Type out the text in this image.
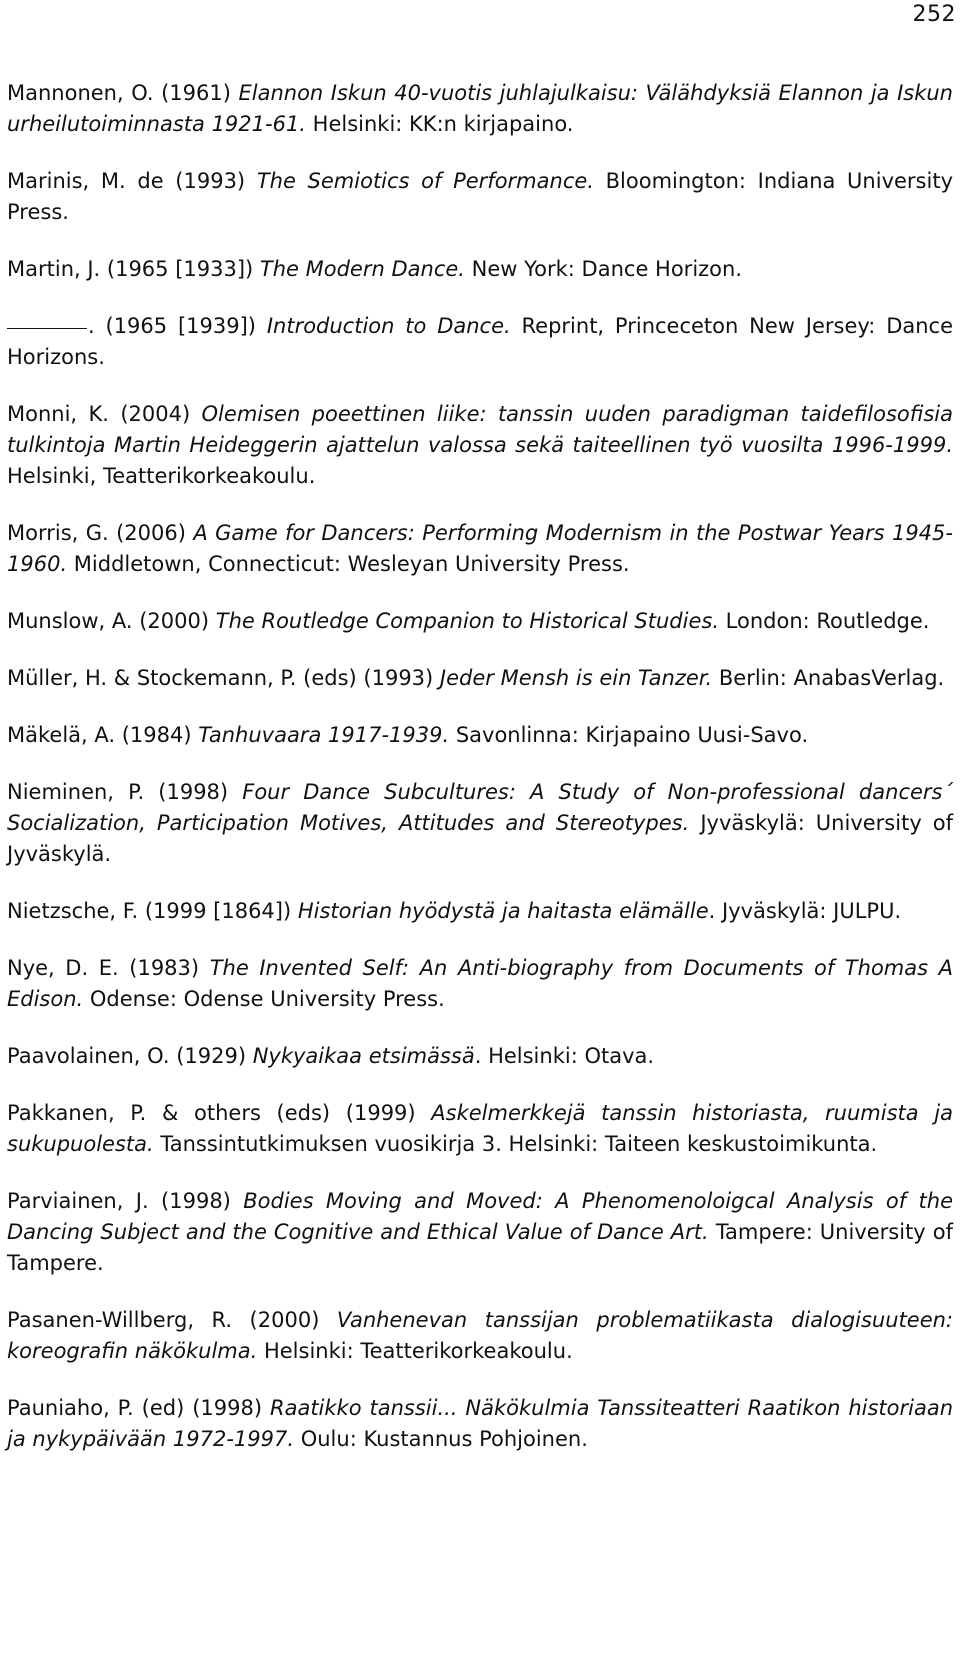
252

Mannonen, O. (1961) Elannon Iskun 40-vuotis juhlajulkaisu: Välähdyksiä Elannon ja Iskun urheilutoiminnasta 1921-61. Helsinki: KK:n kirjapaino.

Marinis, M. de (1993) The Semiotics of Performance. Bloomington: Indiana University Press.

Martin, J. (1965 [1933]) The Modern Dance. New York: Dance Horizon.

. (1965 [1939]) Introduction to Dance. Reprint, Princeceton New Jersey: Dance Horizons.

Monni, K. (2004) Olemisen poeettinen liike: tanssin uuden paradigman taidefilosofisia tulkintoja Martin Heideggerin ajattelun valossa sekä taiteellinen työ vuosilta 1996-1999. Helsinki, Teatterikorkeakoulu.

Morris, G. (2006) A Game for Dancers: Performing Modernism in the Postwar Years 1945-1960. Middletown, Connecticut: Wesleyan University Press.

Munslow, A. (2000) The Routledge Companion to Historical Studies. London: Routledge.

Müller, H. & Stockemann, P. (eds) (1993) Jeder Mensh is ein Tanzer. Berlin: AnabasVerlag.

Mäkelä, A. (1984) Tanhuvaara 1917-1939. Savonlinna: Kirjapaino Uusi-Savo.

Nieminen, P. (1998) Four Dance Subcultures: A Study of Non-professional dancers´ Socialization, Participation Motives, Attitudes and Stereotypes. Jyväskylä: University of Jyväskylä.

Nietzsche, F. (1999 [1864]) Historian hyödystä ja haitasta elämälle. Jyväskylä: JULPU.

Nye, D. E. (1983) The Invented Self: An Anti-biography from Documents of Thomas A Edison. Odense: Odense University Press.

Paavolainen, O. (1929) Nykyaikaa etsimässä. Helsinki: Otava.

Pakkanen, P. & others (eds) (1999) Askelmerkkejä tanssin historiasta, ruumista ja sukupuolesta. Tanssintutkimuksen vuosikirja 3. Helsinki: Taiteen keskustoimikunta.

Parviainen, J. (1998) Bodies Moving and Moved: A Phenomenoloigcal Analysis of the Dancing Subject and the Cognitive and Ethical Value of Dance Art. Tampere: University of Tampere.

Pasanen-Willberg, R. (2000) Vanhenevan tanssijan problematiikasta dialogisuuteen: koreografin näkökulma. Helsinki: Teatterikorkeakoulu.

Pauniaho, P. (ed) (1998) Raatikko tanssii... Näkökulmia Tanssiteatteri Raatikon historiaan ja nykypäivään 1972-1997. Oulu: Kustannus Pohjoinen.
